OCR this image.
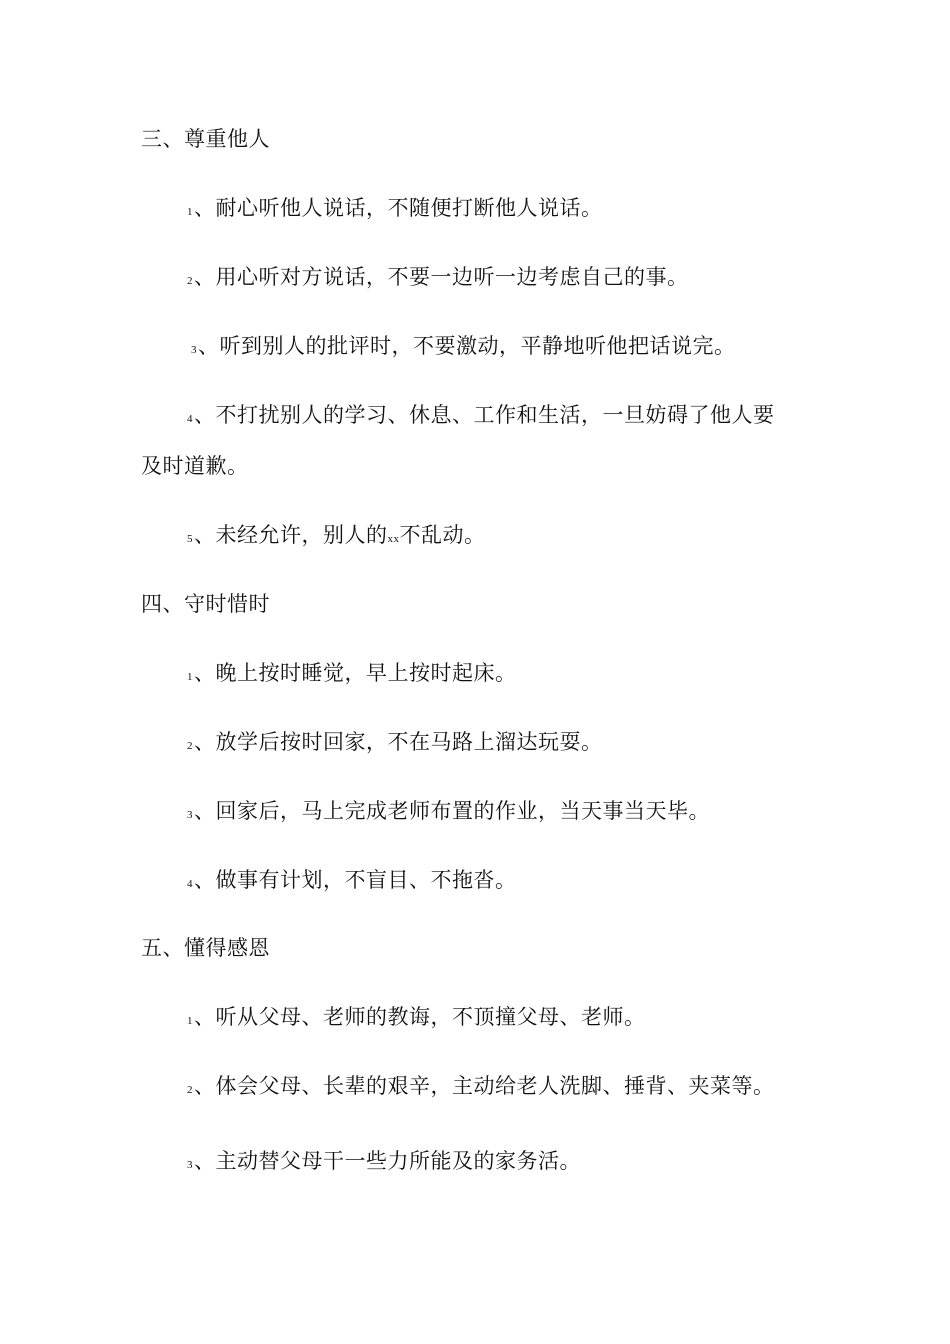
三、尊重他人
1、耐心听他人说话，不随便打断他人说话。
2、用心听对方说话，不要一边听一边考虑自己的事。
3、听到别人的批评时，不要激动，平静地听他把话说完。
4、不打扰别人的学习、休息、工作和生活，一旦妨碍了他人要
及时道歉。
5、未经允许，别人的xx不乱动。
四、守时惜时
1、晚上按时睡觉，早上按时起床。
2、放学后按时回家，不在马路上溜达玩耍。
3、回家后，马上完成老师布置的作业，当天事当天毕。
4、做事有计划，不盲目、不拖沓。
五、懂得感恩
1、听从父母、老师的教诲，不顶撞父母、老师。
2、体会父母、长辈的艰辛，主动给老人洗脚、捶背、夹菜等。
3、主动替父母干一些力所能及的家务活。
